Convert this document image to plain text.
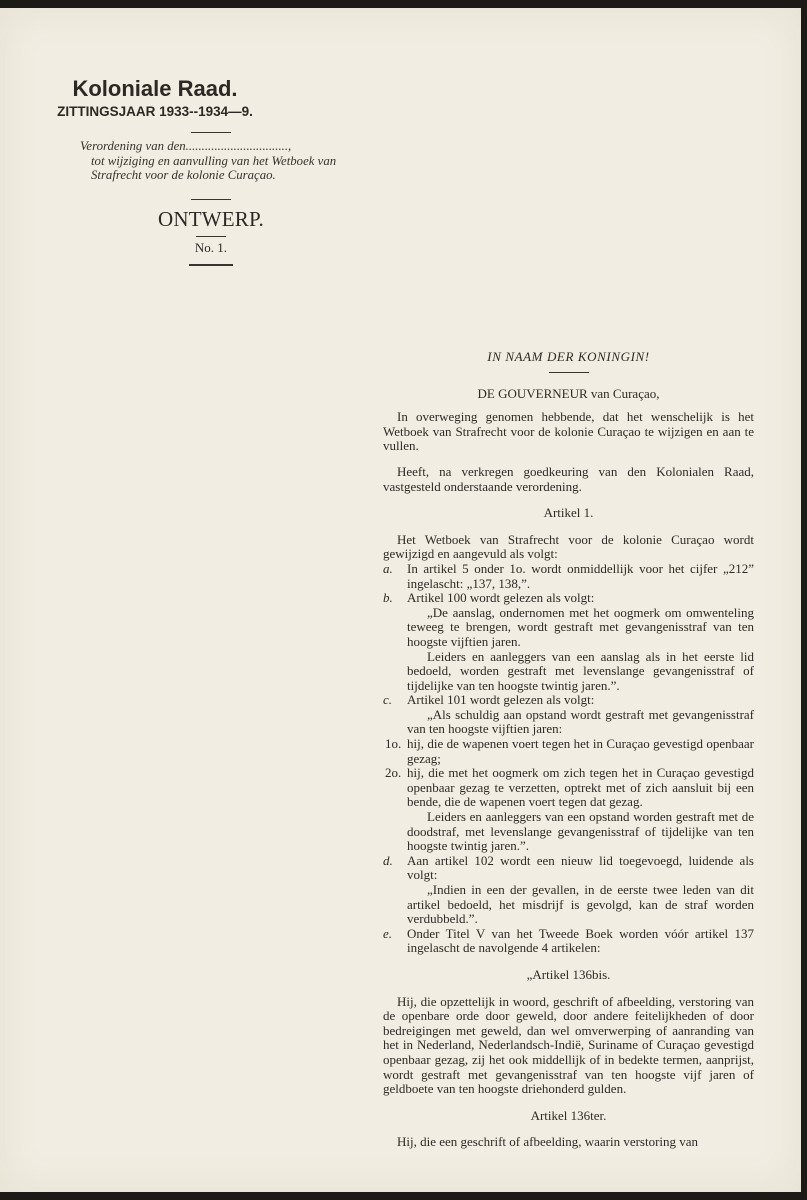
Koloniale Raad.
ZITTINGSJAAR 1933--1934—9.
Verordening van den................................,
tot wijziging en aanvulling van het Wetboek van Strafrecht voor de kolonie Curaçao.
ONTWERP.
No. 1.

IN NAAM DER KONINGIN!

DE GOUVERNEUR van Curaçao,

In overweging genomen hebbende, dat het wenschelijk is het Wetboek van Strafrecht voor de kolonie Curaçao te wijzigen en aan te vullen.

Heeft, na verkregen goedkeuring van den Kolonialen Raad, vastgesteld onderstaande verordening.

Artikel 1.

Het Wetboek van Strafrecht voor de kolonie Curaçao wordt gewijzigd en aangevuld als volgt:

a. In artikel 5 onder 1o. wordt onmiddellijk voor het cijfer „212” ingelascht: „137, 138,”.
b. Artikel 100 wordt gelezen als volgt:

„De aanslag, ondernomen met het oogmerk om omwenteling teweeg te brengen, wordt gestraft met gevangenisstraf van ten hoogste vijftien jaren.

Leiders en aanleggers van een aanslag als in het eerste lid bedoeld, worden gestraft met levenslange gevangenisstraf of tijdelijke van ten hoogste twintig jaren.”.

c. Artikel 101 wordt gelezen als volgt:

„Als schuldig aan opstand wordt gestraft met gevangenisstraf van ten hoogste vijftien jaren:

1o. hij, die de wapenen voert tegen het in Curaçao gevestigd openbaar gezag;
2o. hij, die met het oogmerk om zich tegen het in Curaçao gevestigd openbaar gezag te verzetten, optrekt met of zich aansluit bij een bende, die de wapenen voert tegen dat gezag.

Leiders en aanleggers van een opstand worden gestraft met de doodstraf, met levenslange gevangenisstraf of tijdelijke van ten hoogste twintig jaren.”.

d. Aan artikel 102 wordt een nieuw lid toegevoegd, luidende als volgt:

„Indien in een der gevallen, in de eerste twee leden van dit artikel bedoeld, het misdrijf is gevolgd, kan de straf worden verdubbeld.”.

e. Onder Titel V van het Tweede Boek worden vóór artikel 137 ingelascht de navolgende 4 artikelen:

„Artikel 136bis.

Hij, die opzettelijk in woord, geschrift of afbeelding, verstoring van de openbare orde door geweld, door andere feitelijkheden of door bedreigingen met geweld, dan wel omverwerping of aanranding van het in Nederland, Nederlandsch-Indië, Suriname of Curaçao gevestigd openbaar gezag, zij het ook middellijk of in bedekte termen, aanprijst, wordt gestraft met gevangenisstraf van ten hoogste vijf jaren of geldboete van ten hoogste driehonderd gulden.

Artikel 136ter.

Hij, die een geschrift of afbeelding, waarin verstoring van
